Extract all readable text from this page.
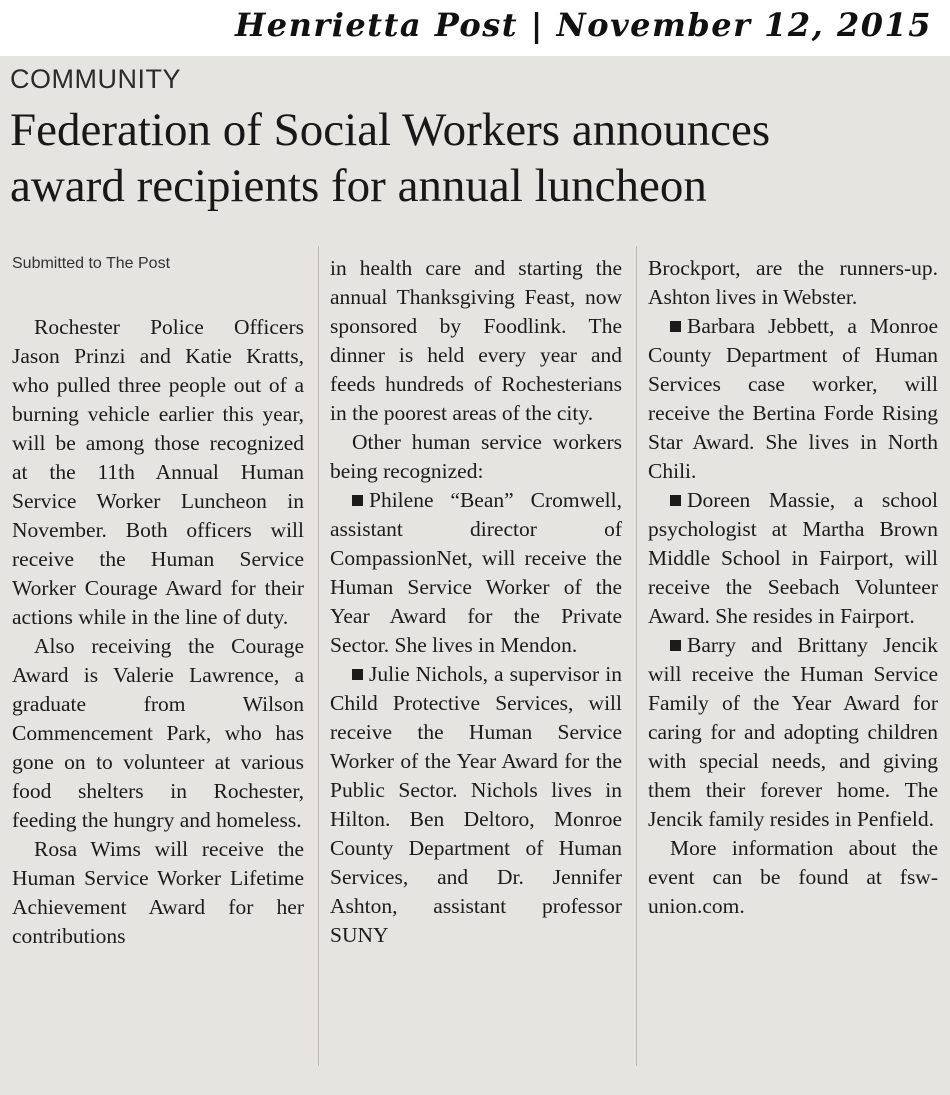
Henrietta Post | November 12, 2015
COMMUNITY
Federation of Social Workers announces
award recipients for annual luncheon
Submitted to The Post

Rochester Police Officers Jason Prinzi and Katie Kratts, who pulled three people out of a burning vehicle earlier this year, will be among those recognized at the 11th Annual Human Service Worker Luncheon in November. Both officers will receive the Human Service Worker Courage Award for their actions while in the line of duty.

Also receiving the Courage Award is Valerie Lawrence, a graduate from Wilson Commencement Park, who has gone on to volunteer at various food shelters in Rochester, feeding the hungry and homeless.

Rosa Wims will receive the Human Service Worker Lifetime Achievement Award for her contributions

in health care and starting the annual Thanksgiving Feast, now sponsored by Foodlink. The dinner is held every year and feeds hundreds of Rochesterians in the poorest areas of the city.

Other human service workers being recognized:

Philene “Bean” Cromwell, assistant director of CompassionNet, will receive the Human Service Worker of the Year Award for the Private Sector. She lives in Mendon.

Julie Nichols, a supervisor in Child Protective Services, will receive the Human Service Worker of the Year Award for the Public Sector. Nichols lives in Hilton. Ben Deltoro, Monroe County Department of Human Services, and Dr. Jennifer Ashton, assistant professor SUNY

Brockport, are the runners-up. Ashton lives in Webster.

Barbara Jebbett, a Monroe County Department of Human Services case worker, will receive the Bertina Forde Rising Star Award. She lives in North Chili.

Doreen Massie, a school psychologist at Martha Brown Middle School in Fairport, will receive the Seebach Volunteer Award. She resides in Fairport.

Barry and Brittany Jencik will receive the Human Service Family of the Year Award for caring for and adopting children with special needs, and giving them their forever home. The Jencik family resides in Penfield.

More information about the event can be found at fsw-union.com.
